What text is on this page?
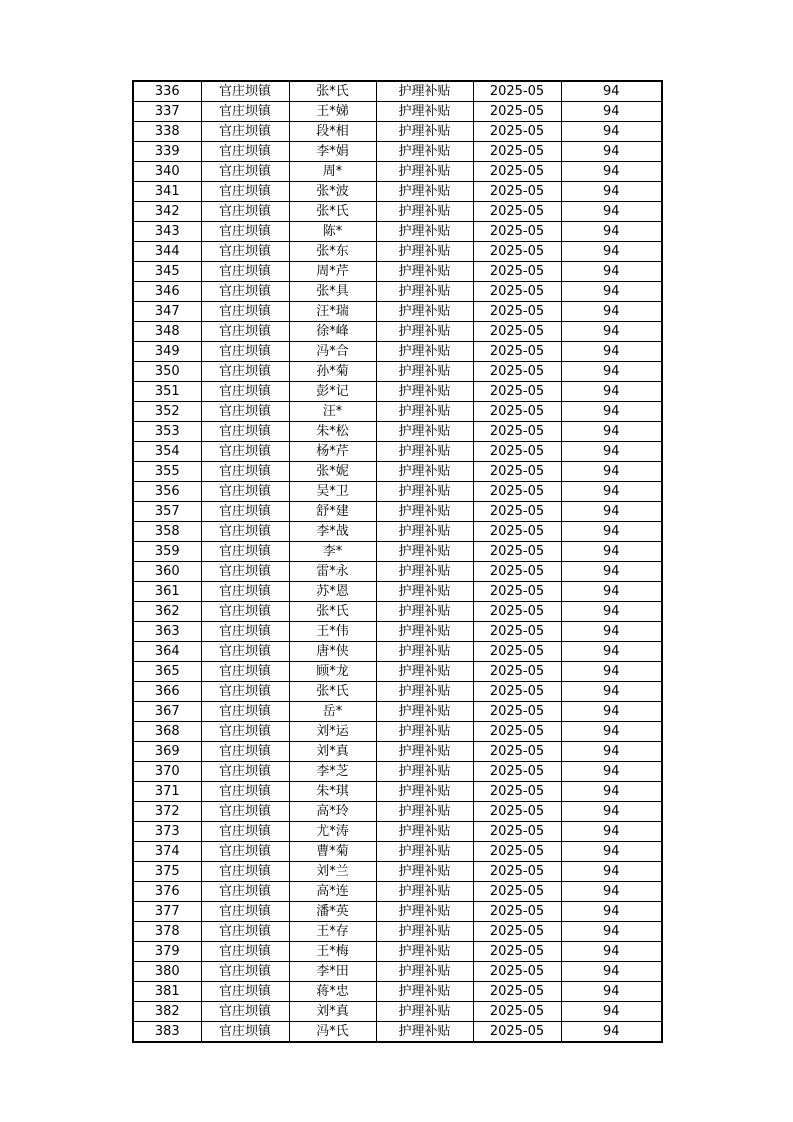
336	官庄坝镇	张*氏	护理补贴	2025-05	94
337	官庄坝镇	王*娣	护理补贴	2025-05	94
338	官庄坝镇	段*相	护理补贴	2025-05	94
339	官庄坝镇	李*娟	护理补贴	2025-05	94
340	官庄坝镇	周*	护理补贴	2025-05	94
341	官庄坝镇	张*波	护理补贴	2025-05	94
342	官庄坝镇	张*氏	护理补贴	2025-05	94
343	官庄坝镇	陈*	护理补贴	2025-05	94
344	官庄坝镇	张*东	护理补贴	2025-05	94
345	官庄坝镇	周*芹	护理补贴	2025-05	94
346	官庄坝镇	张*具	护理补贴	2025-05	94
347	官庄坝镇	汪*瑞	护理补贴	2025-05	94
348	官庄坝镇	徐*峰	护理补贴	2025-05	94
349	官庄坝镇	冯*合	护理补贴	2025-05	94
350	官庄坝镇	孙*菊	护理补贴	2025-05	94
351	官庄坝镇	彭*记	护理补贴	2025-05	94
352	官庄坝镇	汪*	护理补贴	2025-05	94
353	官庄坝镇	朱*松	护理补贴	2025-05	94
354	官庄坝镇	杨*芹	护理补贴	2025-05	94
355	官庄坝镇	张*妮	护理补贴	2025-05	94
356	官庄坝镇	吴*卫	护理补贴	2025-05	94
357	官庄坝镇	舒*建	护理补贴	2025-05	94
358	官庄坝镇	李*战	护理补贴	2025-05	94
359	官庄坝镇	李*	护理补贴	2025-05	94
360	官庄坝镇	雷*永	护理补贴	2025-05	94
361	官庄坝镇	苏*恩	护理补贴	2025-05	94
362	官庄坝镇	张*氏	护理补贴	2025-05	94
363	官庄坝镇	王*伟	护理补贴	2025-05	94
364	官庄坝镇	唐*侠	护理补贴	2025-05	94
365	官庄坝镇	顾*龙	护理补贴	2025-05	94
366	官庄坝镇	张*氏	护理补贴	2025-05	94
367	官庄坝镇	岳*	护理补贴	2025-05	94
368	官庄坝镇	刘*运	护理补贴	2025-05	94
369	官庄坝镇	刘*真	护理补贴	2025-05	94
370	官庄坝镇	李*芝	护理补贴	2025-05	94
371	官庄坝镇	朱*琪	护理补贴	2025-05	94
372	官庄坝镇	高*玲	护理补贴	2025-05	94
373	官庄坝镇	尤*涛	护理补贴	2025-05	94
374	官庄坝镇	曹*菊	护理补贴	2025-05	94
375	官庄坝镇	刘*兰	护理补贴	2025-05	94
376	官庄坝镇	高*连	护理补贴	2025-05	94
377	官庄坝镇	潘*英	护理补贴	2025-05	94
378	官庄坝镇	王*存	护理补贴	2025-05	94
379	官庄坝镇	王*梅	护理补贴	2025-05	94
380	官庄坝镇	李*田	护理补贴	2025-05	94
381	官庄坝镇	蒋*忠	护理补贴	2025-05	94
382	官庄坝镇	刘*真	护理补贴	2025-05	94
383	官庄坝镇	冯*氏	护理补贴	2025-05	94
